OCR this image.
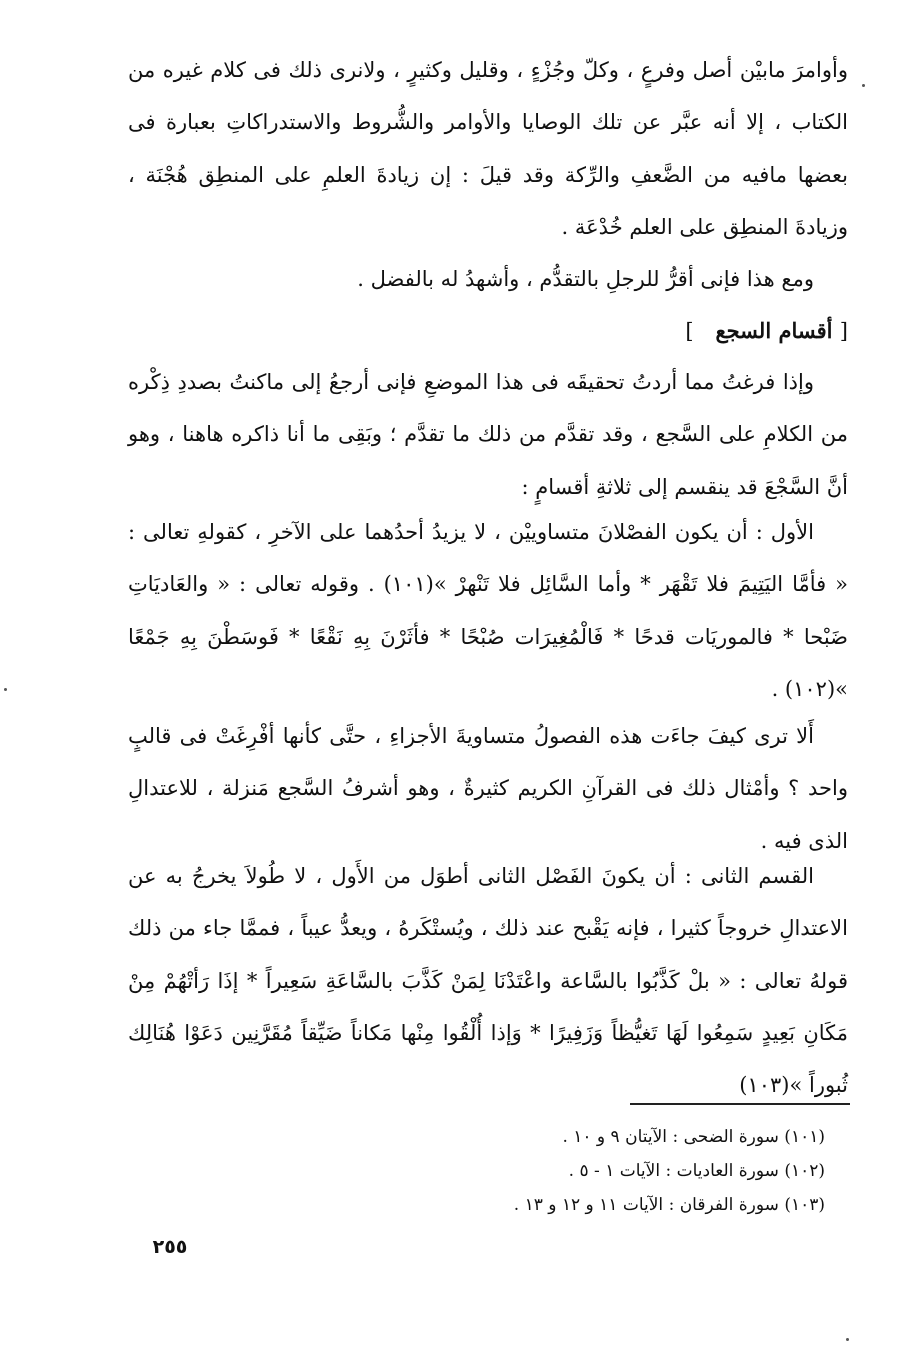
وأوامرَ مابيْن أصل وفرعٍ ، وكلّ وجُزْءٍ ، وقليل وكثيرٍ ، ولانرى ذلك فى كلام غيره من الكتاب ، إلا أنه عبَّر عن تلك الوصايا والأوامر والشُّروط والاستدراكاتِ بعبارة فى بعضها مافيه من الضَّعفِ والرِّكة وقد قيلَ : إن زيادةَ العلمِ على المنطِق هُجْنَة ، وزيادةَ المنطِق على العلم خُدْعَة .

ومع هذا فإنى أقرُّ للرجلِ بالتقدُّم ، وأشهدُ له بالفضل .

[ أقسام السجع   ]

وإذا فرغتُ مما أردتُ تحقيقَه فى هذا الموضعِ فإنى أرجعُ إلى ماكنتُ بصددِ ذِكْره من الكلامِ على السَّجع ، وقد تقدَّم من ذلك ما تقدَّم ؛ وبَقِى ما أنا ذاكره هاهنا ، وهو أنَّ السَّجْعَ قد ينقسم إلى ثلاثةِ أقسامٍ :

الأول : أن يكون الفصْلانَ متساوييْن ، لا يزيدُ أحدُهما على الآخرِ ، كقولهِ تعالى : « فأمَّا اليَتِيمَ فلا تَقْهَر * وأما السَّائِل فلا تَنْهرْ »(١٠١) . وقوله تعالى : « والعَاديَاتِ ضَبْحا * فالموريَات قدحًا * فَالْمُغِيرَات صُبْحًا * فأثَرْنَ بِهِ نَقْعًا * فَوسَطْنَ بِهِ جَمْعًا »(١٠٢) .

أَلا ترى كيفَ جاءَت هذه الفصولُ متساويةَ الأجزاءِ ، حتَّى كأنها أفْرِغَتْ فى قالبٍ واحد ؟ وأمْثال ذلك فى القرآنِ الكريم كثيرةٌ ، وهو أشرفُ السَّجع مَنزلة ، للاعتدالِ الذى فيه .

القسم الثانى : أن يكونَ الفَصْل الثانى أطوَل من الأَول ، لا طُولاَ يخرجُ به عن الاعتدالِ خروجاً كثيرا ، فإنه يَقْبح عند ذلك ، ويُستْكَرهُ ، ويعدُّ عيباً ، فممَّا جاء من ذلك قولهُ تعالى : « بلْ كَذَّبُوا بالسَّاعة واعْتَدْنَا لِمَنْ كَذَّبَ بالسَّاعَةِ سَعِيراً * إذَا رَأتْهُمْ مِنْ مَكَانِ بَعِيدٍ سَمِعُوا لَهَا تَغيُّظاً وَزَفِيرًا * وَإذا أُلْقُوا مِنْها مَكاناً ضَيِّقاً مُقَرَّنِين دَعَوْا هُنَالِك ثُبوراً »(١٠٣)

(١٠١) سورة الضحى : الآيتان ٩ و ١٠ .

(١٠٢) سورة العاديات : الآيات ١ - ٥ .

(١٠٣) سورة الفرقان : الآيات ١١ و ١٢ و ١٣ .

٢٥٥
